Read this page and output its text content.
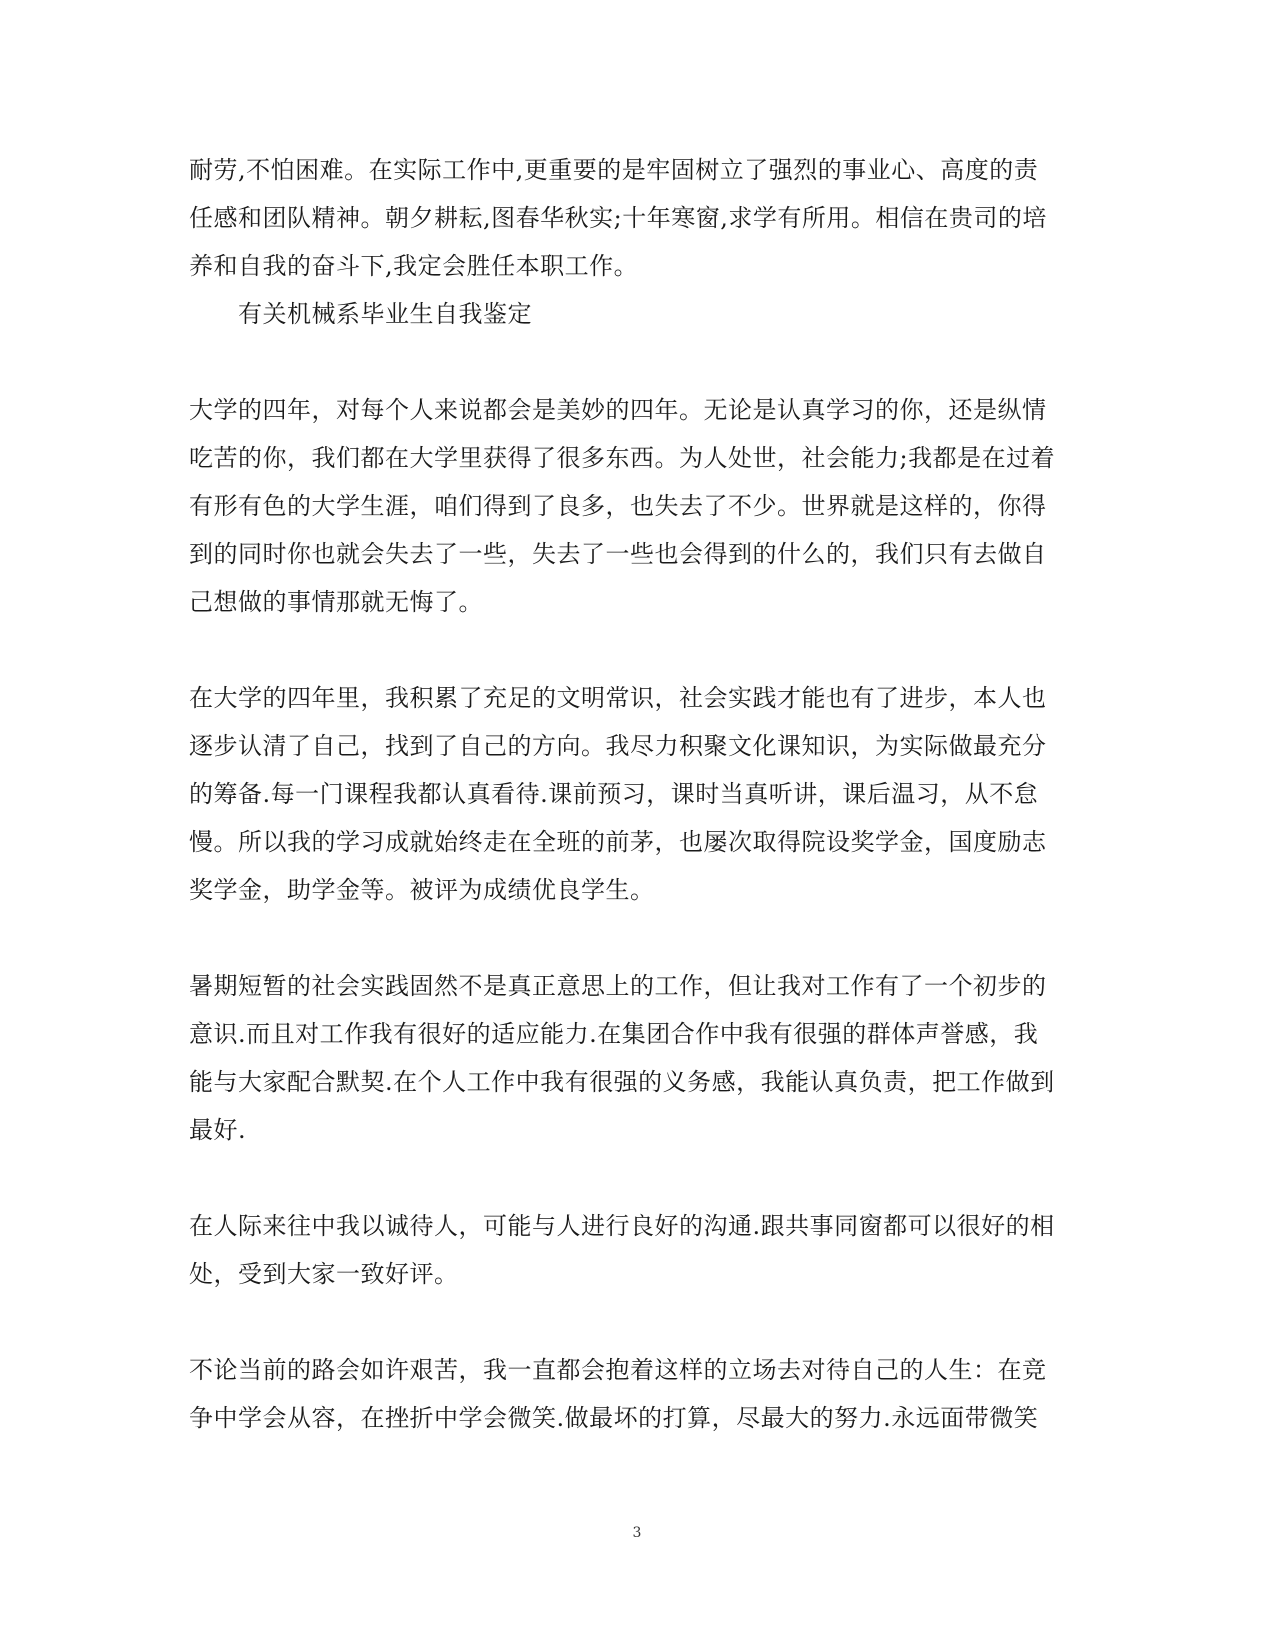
耐劳,不怕困难。在实际工作中,更重要的是牢固树立了强烈的事业心、高度的责
任感和团队精神。朝夕耕耘,图春华秋实;十年寒窗,求学有所用。相信在贵司的培
养和自我的奋斗下,我定会胜任本职工作。
有关机械系毕业生自我鉴定
大学的四年，对每个人来说都会是美妙的四年。无论是认真学习的你，还是纵情
吃苦的你，我们都在大学里获得了很多东西。为人处世，社会能力;我都是在过着
有形有色的大学生涯，咱们得到了良多，也失去了不少。世界就是这样的，你得
到的同时你也就会失去了一些，失去了一些也会得到的什么的，我们只有去做自
己想做的事情那就无悔了。
在大学的四年里，我积累了充足的文明常识，社会实践才能也有了进步，本人也
逐步认清了自己，找到了自己的方向。我尽力积聚文化课知识，为实际做最充分
的筹备.每一门课程我都认真看待.课前预习，课时当真听讲，课后温习，从不怠
慢。所以我的学习成就始终走在全班的前茅，也屡次取得院设奖学金，国度励志
奖学金，助学金等。被评为成绩优良学生。
暑期短暂的社会实践固然不是真正意思上的工作，但让我对工作有了一个初步的
意识.而且对工作我有很好的适应能力.在集团合作中我有很强的群体声誉感，我
能与大家配合默契.在个人工作中我有很强的义务感，我能认真负责，把工作做到
最好.
在人际来往中我以诚待人，可能与人进行良好的沟通.跟共事同窗都可以很好的相
处，受到大家一致好评。
不论当前的路会如许艰苦，我一直都会抱着这样的立场去对待自己的人生：在竞
争中学会从容，在挫折中学会微笑.做最坏的打算，尽最大的努力.永远面带微笑
3
